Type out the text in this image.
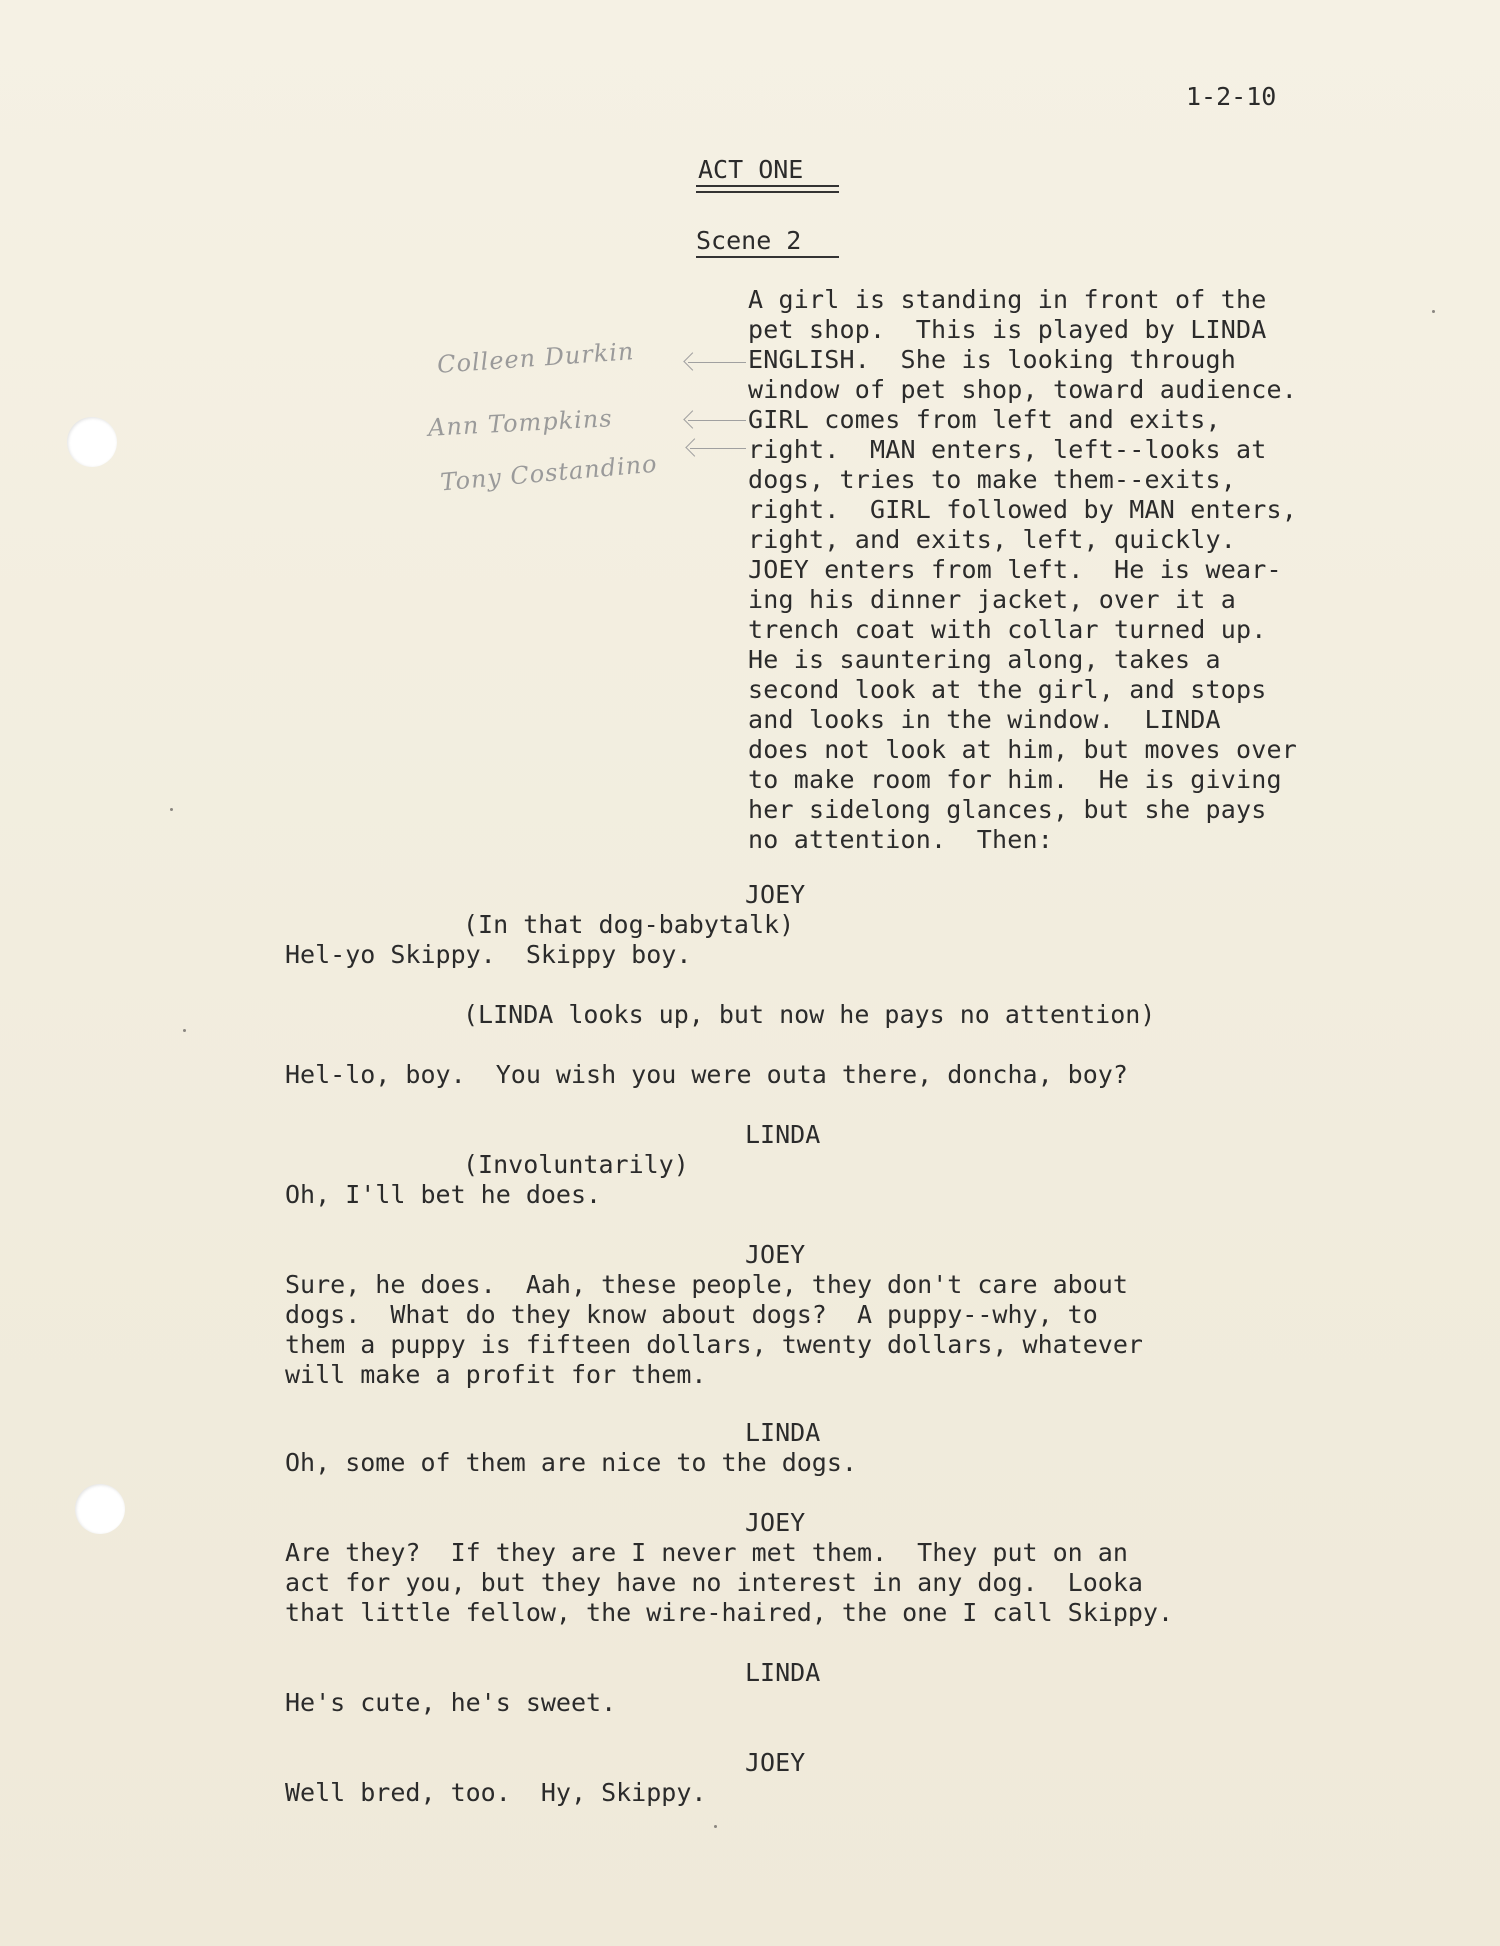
1-2-10
ACT ONE
Scene 2
A girl is standing in front of the
pet shop.  This is played by LINDA
ENGLISH.  She is looking through
window of pet shop, toward audience.
GIRL comes from left and exits,
right.  MAN enters, left--looks at
dogs, tries to make them--exits,
right.  GIRL followed by MAN enters,
right, and exits, left, quickly.
JOEY enters from left.  He is wear-
ing his dinner jacket, over it a
trench coat with collar turned up.
He is sauntering along, takes a
second look at the girl, and stops
and looks in the window.  LINDA
does not look at him, but moves over
to make room for him.  He is giving
her sidelong glances, but she pays
no attention.  Then:
Colleen Durkin
Ann Tompkins
Tony Costandino
JOEY
(In that dog-babytalk)
Hel-yo Skippy.  Skippy boy.
(LINDA looks up, but now he pays no attention)
Hel-lo, boy.  You wish you were outa there, doncha, boy?
LINDA
(Involuntarily)
Oh, I'll bet he does.
JOEY
Sure, he does.  Aah, these people, they don't care about
dogs.  What do they know about dogs?  A puppy--why, to
them a puppy is fifteen dollars, twenty dollars, whatever
will make a profit for them.
LINDA
Oh, some of them are nice to the dogs.
JOEY
Are they?  If they are I never met them.  They put on an
act for you, but they have no interest in any dog.  Looka
that little fellow, the wire-haired, the one I call Skippy.
LINDA
He's cute, he's sweet.
JOEY
Well bred, too.  Hy, Skippy.
